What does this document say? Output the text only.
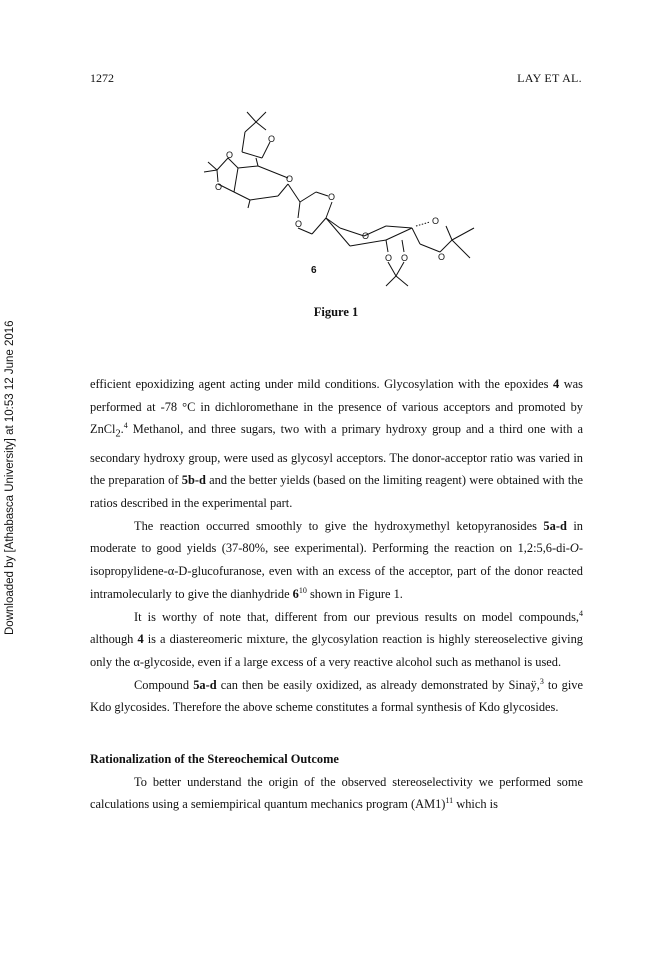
1272	LAY ET AL.
Downloaded by [Athabasca University] at 10:53 12 June 2016
O
O
O
O
O
O
O
O
O
O O
6
Figure 1

efficient epoxidizing agent acting under mild conditions. Glycosylation with the epoxides 4 was performed at -78 °C in dichloromethane in the presence of various acceptors and promoted by ZnCl$_2$.$^4$ Methanol, and three sugars, two with a primary hydroxy group and a third one with a secondary hydroxy group, were used as glycosyl acceptors. The donor-acceptor ratio was varied in the preparation of 5b-d and the better yields (based on the limiting reagent) were obtained with the ratios described in the experimental part.

The reaction occurred smoothly to give the hydroxymethyl ketopyranosides 5a-d in moderate to good yields (37-80%, see experimental). Performing the reaction on 1,2:5,6-di-O-isopropylidene-α-D-glucofuranose, even with an excess of the acceptor, part of the donor reacted intramolecularly to give the dianhydride $6^{10}$ shown in Figure 1.

It is worthy of note that, different from our previous results on model compounds,$^4$ although 4 is a diastereomeric mixture, the glycosylation reaction is highly stereoselective giving only the α-glycoside, even if a large excess of a very reactive alcohol such as methanol is used.

Compound 5a-d can then be easily oxidized, as already demonstrated by Sinaÿ,$^3$ to give Kdo glycosides. Therefore the above scheme constitutes a formal synthesis of Kdo glycosides.

Rationalization of the Stereochemical Outcome

To better understand the origin of the observed stereoselectivity we performed some calculations using a semiempirical quantum mechanics program $(AM1)^{11}$ which is
